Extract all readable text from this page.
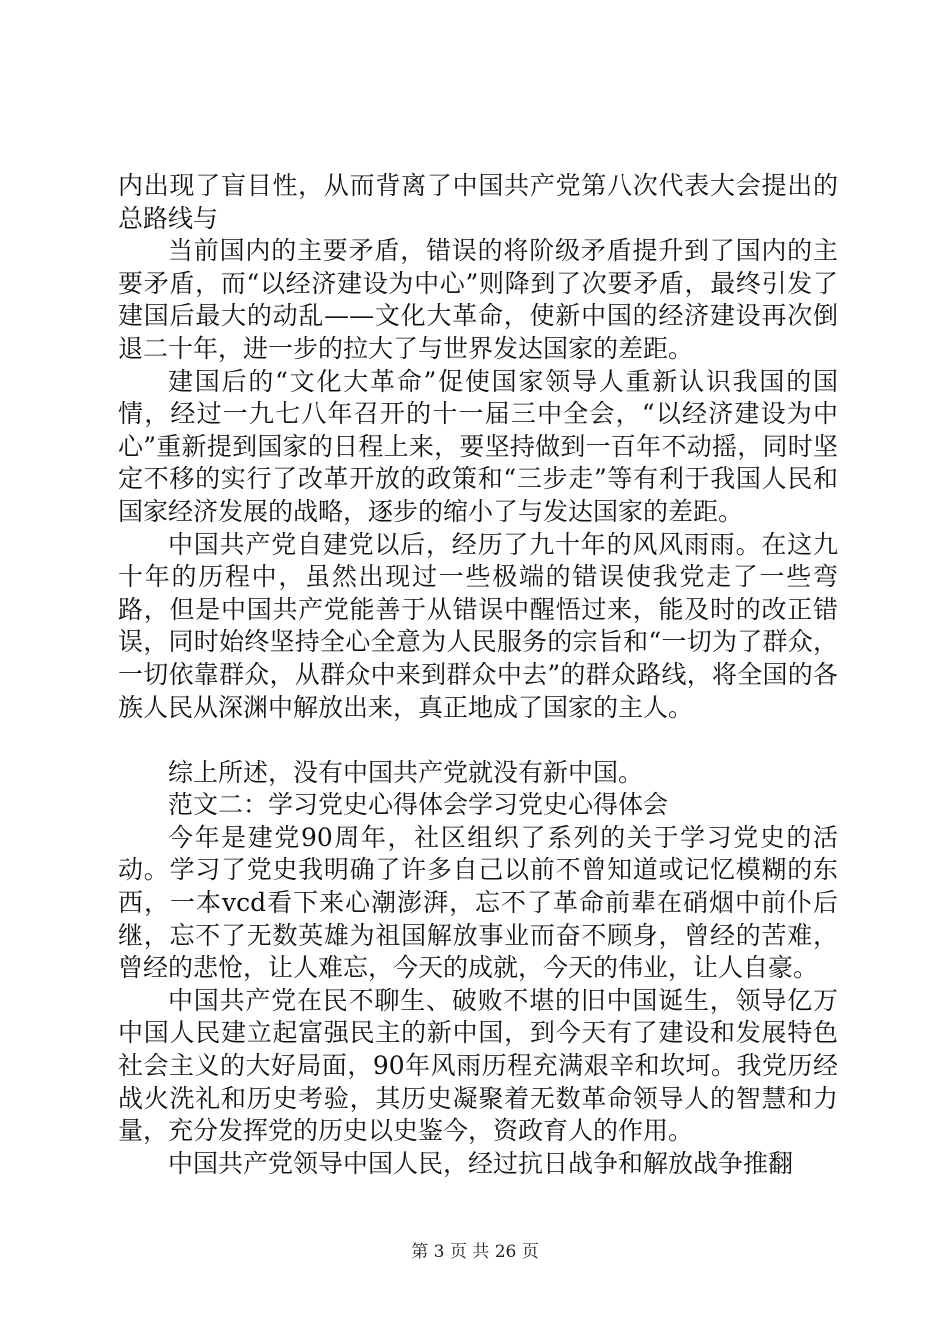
内出现了盲目性，从而背离了中国共产党第八次代表大会提出的总路线与

当前国内的主要矛盾，错误的将阶级矛盾提升到了国内的主要矛盾，而“以经济建设为中心”则降到了次要矛盾，最终引发了建国后最大的动乱——文化大革命，使新中国的经济建设再次倒退二十年，进一步的拉大了与世界发达国家的差距。

建国后的“文化大革命”促使国家领导人重新认识我国的国情，经过一九七八年召开的十一届三中全会，“以经济建设为中心”重新提到国家的日程上来，要坚持做到一百年不动摇，同时坚定不移的实行了改革开放的政策和“三步走”等有利于我国人民和国家经济发展的战略，逐步的缩小了与发达国家的差距。

中国共产党自建党以后，经历了九十年的风风雨雨。在这九十年的历程中，虽然出现过一些极端的错误使我党走了一些弯路，但是中国共产党能善于从错误中醒悟过来，能及时的改正错误，同时始终坚持全心全意为人民服务的宗旨和“一切为了群众，一切依靠群众，从群众中来到群众中去”的群众路线，将全国的各族人民从深渊中解放出来，真正地成了国家的主人。

综上所述，没有中国共产党就没有新中国。

范文二：学习党史心得体会学习党史心得体会

今年是建党90周年，社区组织了系列的关于学习党史的活动。学习了党史我明确了许多自己以前不曾知道或记忆模糊的东西，一本vcd看下来心潮澎湃，忘不了革命前辈在硝烟中前仆后继，忘不了无数英雄为祖国解放事业而奋不顾身，曾经的苦难，曾经的悲怆，让人难忘，今天的成就，今天的伟业，让人自豪。

中国共产党在民不聊生、破败不堪的旧中国诞生，领导亿万中国人民建立起富强民主的新中国，到今天有了建设和发展特色社会主义的大好局面，90年风雨历程充满艰辛和坎坷。我党历经战火洗礼和历史考验，其历史凝聚着无数革命领导人的智慧和力量，充分发挥党的历史以史鉴今，资政育人的作用。

中国共产党领导中国人民，经过抗日战争和解放战争推翻

第 3 页 共 26 页
